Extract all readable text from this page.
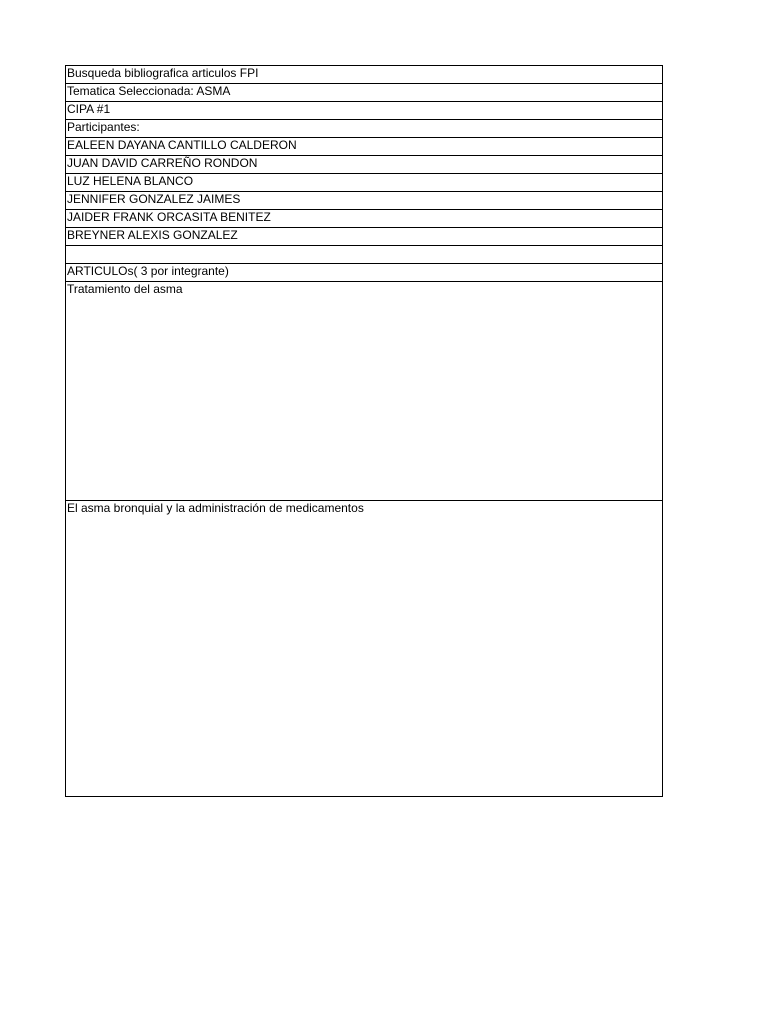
Busqueda bibliografica articulos FPI
Tematica Seleccionada: ASMA
CIPA #1
Participantes:
EALEEN DAYANA CANTILLO CALDERON
JUAN DAVID CARREÑO RONDON
LUZ HELENA BLANCO
JENNIFER GONZALEZ JAIMES
JAIDER FRANK ORCASITA BENITEZ
BREYNER ALEXIS GONZALEZ

ARTICULOs( 3 por integrante)
Tratamiento del asma
El asma bronquial y la administración de medicamentos
